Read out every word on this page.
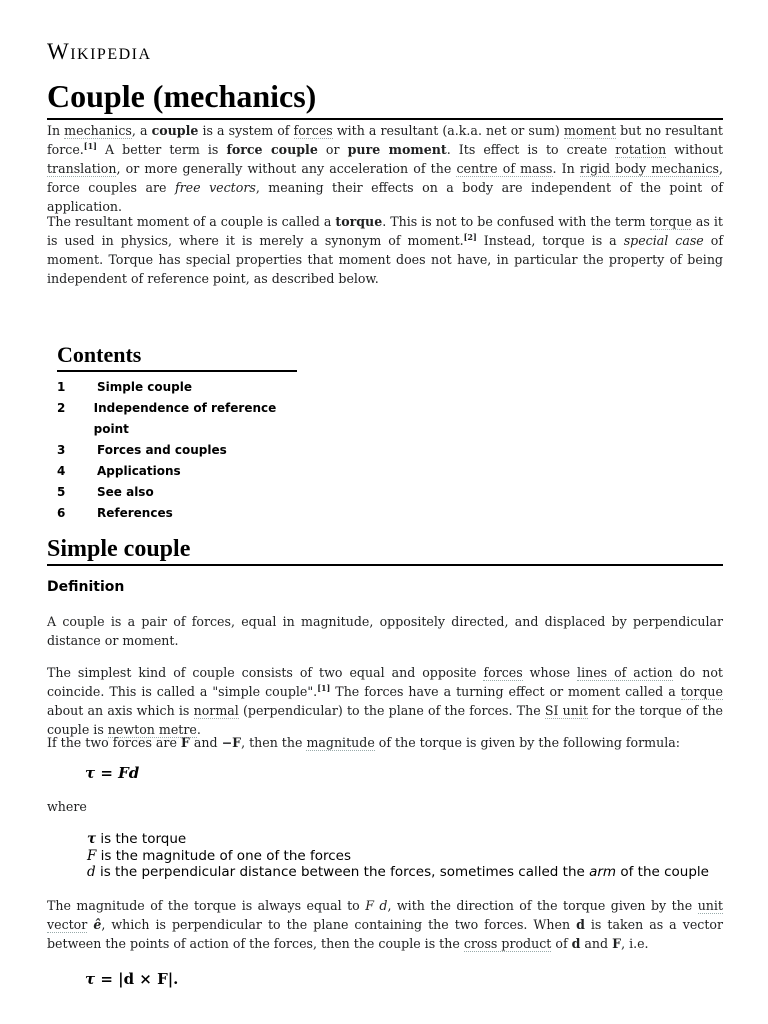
Wikipedia
Couple (mechanics)

In mechanics, a couple is a system of forces with a resultant (a.k.a. net or sum) moment but no resultant force.[1] A better term is force couple or pure moment. Its effect is to create rotation without translation, or more generally without any acceleration of the centre of mass. In rigid body mechanics, force couples are free vectors, meaning their effects on a body are independent of the point of application.

The resultant moment of a couple is called a torque. This is not to be confused with the term torque as it is used in physics, where it is merely a synonym of moment.[2] Instead, torque is a special case of moment. Torque has special properties that moment does not have, in particular the property of being independent of reference point, as described below.

Contents
1	Simple couple
2	Independence of reference point
3	Forces and couples
4	Applications
5	See also
6	References
Simple couple
Definition

A couple is a pair of forces, equal in magnitude, oppositely directed, and displaced by perpendicular distance or moment.

The simplest kind of couple consists of two equal and opposite forces whose lines of action do not coincide. This is called a "simple couple".[1] The forces have a turning effect or moment called a torque about an axis which is normal (perpendicular) to the plane of the forces. The SI unit for the torque of the couple is newton metre.

If the two forces are F and −F, then the magnitude of the torque is given by the following formula:

τ = Fd

where

τ is the torque
F is the magnitude of one of the forces
d is the perpendicular distance between the forces, sometimes called the arm of the couple

The magnitude of the torque is always equal to F d, with the direction of the torque given by the unit vector ê, which is perpendicular to the plane containing the two forces. When d is taken as a vector between the points of action of the forces, then the couple is the cross product of d and F, i.e.

τ = |d × F|.
